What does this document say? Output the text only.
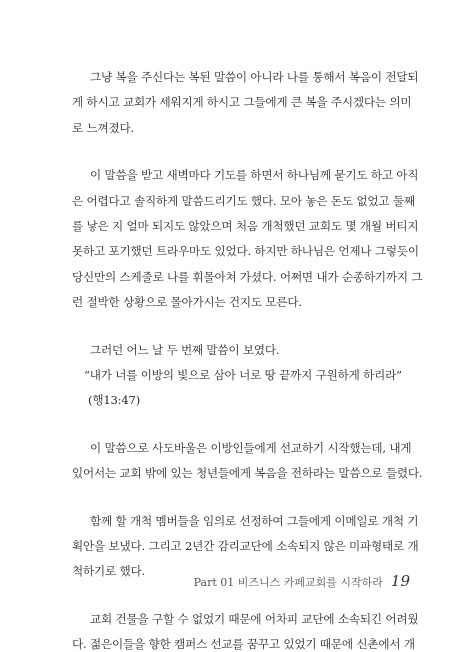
그냥 복을 주신다는 복된 말씀이 아니라 나를 통해서 복음이 전달되
게 하시고 교회가 세워지게 하시고 그들에게 큰 복을 주시겠다는 의미
로 느껴졌다.
이 말씀을 받고 새벽마다 기도를 하면서 하나님께 묻기도 하고 아직
은 어렵다고 솔직하게 말씀드리기도 했다. 모아 놓은 돈도 없었고 둘째
를 낳은 지 얼마 되지도 않았으며 처음 개척했던 교회도 몇 개월 버티지
못하고 포기했던 트라우마도 있었다. 하지만 하나님은 언제나 그렇듯이
당신만의 스케줄로 나를 휘몰아쳐 가셨다. 어쩌면 내가 순종하기까지 그
런 절박한 상황으로 몰아가시는 건지도 모른다.
그러던 어느 날 두 번째 말씀이 보였다.
“내가 너를 이방의 빛으로 삼아 너로 땅 끝까지 구원하게 하리라”
(행13:47)
이 말씀으로 사도바울은 이방인들에게 선교하기 시작했는데, 내게
있어서는 교회 밖에 있는 청년들에게 복음을 전하라는 말씀으로 들렸다.
함께 할 개척 멤버들을 임의로 선정하여 그들에게 이메일로 개척 기
획안을 보냈다. 그리고 2년간 감리교단에 소속되지 않은 미파형태로 개
척하기로 했다.
교회 건물을 구할 수 없었기 때문에 어차피 교단에 소속되긴 어려웠
다. 젊은이들을 향한 캠퍼스 선교를 꿈꾸고 있었기 때문에 신촌에서 개
Part 01 비즈니스 카페교회를 시작하라 19
